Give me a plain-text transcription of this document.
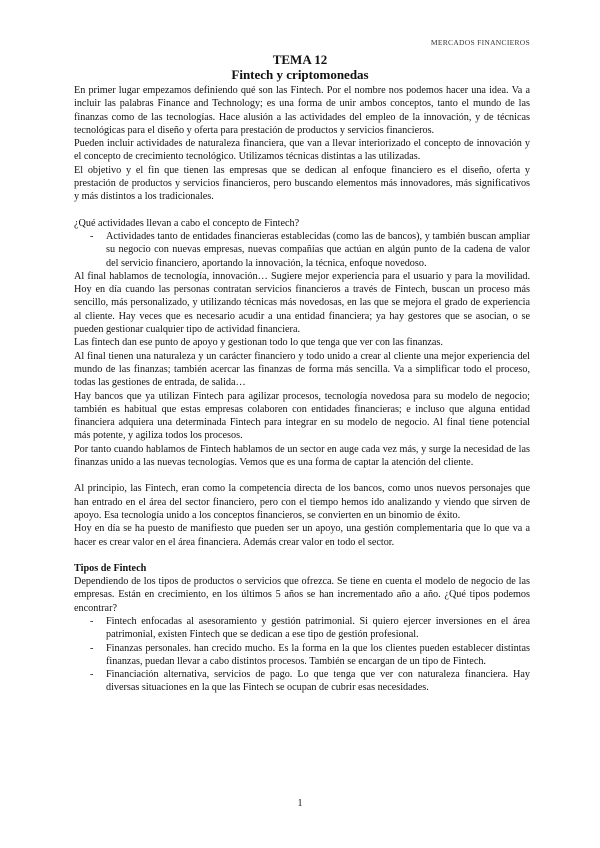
MERCADOS FINANCIEROS
TEMA 12
Fintech y criptomonedas

En primer lugar empezamos definiendo qué son las Fintech. Por el nombre nos podemos hacer una idea. Va a incluir las palabras Finance and Technology; es una forma de unir ambos conceptos, tanto el mundo de las finanzas como de las tecnologías. Hace alusión a las actividades del empleo de la innovación, y de técnicas tecnológicas para el diseño y oferta para prestación de productos y servicios financieros.

Pueden incluir actividades de naturaleza financiera, que van a llevar interiorizado el concepto de innovación y el concepto de crecimiento tecnológico. Utilizamos técnicas distintas a las utilizadas.

El objetivo y el fin que tienen las empresas que se dedican al enfoque financiero es el diseño, oferta y prestación de productos y servicios financieros, pero buscando elementos más innovadores, más significativos y más distintos a los tradicionales.

¿Qué actividades llevan a cabo el concepto de Fintech?

- Actividades tanto de entidades financieras establecidas (como las de bancos), y también buscan ampliar su negocio con nuevas empresas, nuevas compañías que actúan en algún punto de la cadena de valor del servicio financiero, aportando la innovación, la técnica, enfoque novedoso.

Al final hablamos de tecnología, innovación… Sugiere mejor experiencia para el usuario y para la movilidad. Hoy en día cuando las personas contratan servicios financieros a través de Fintech, buscan un proceso más sencillo, más personalizado, y utilizando técnicas más novedosas, en las que se mejora el grado de experiencia al cliente. Hay veces que es necesario acudir a una entidad financiera; ya hay gestores que se asocian, o se pueden gestionar cualquier tipo de actividad financiera.

Las fintech dan ese punto de apoyo y gestionan todo lo que tenga que ver con las finanzas.

Al final tienen una naturaleza y un carácter financiero y todo unido a crear al cliente una mejor experiencia del mundo de las finanzas; también acercar las finanzas de forma más sencilla. Va a simplificar todo el proceso, todas las gestiones de entrada, de salida…

Hay bancos que ya utilizan Fintech para agilizar procesos, tecnología novedosa para su modelo de negocio; también es habitual que estas empresas colaboren con entidades financieras; e incluso que alguna entidad financiera adquiera una determinada Fintech para integrar en su modelo de negocio. Al final tiene potencial más potente, y agiliza todos los procesos.

Por tanto cuando hablamos de Fintech hablamos de un sector en auge cada vez más, y surge la necesidad de las finanzas unido a las nuevas tecnologías. Vemos que es una forma de captar la atención del cliente.

Al principio, las Fintech, eran como la competencia directa de los bancos, como unos nuevos personajes que han entrado en el área del sector financiero, pero con el tiempo hemos ido analizando y viendo que sirven de apoyo. Esa tecnología unido a los conceptos financieros, se convierten en un binomio de éxito.

Hoy en día se ha puesto de manifiesto que pueden ser un apoyo, una gestión complementaria que lo que va a hacer es crear valor en el área financiera. Además crear valor en todo el sector.

Tipos de Fintech

Dependiendo de los tipos de productos o servicios que ofrezca. Se tiene en cuenta el modelo de negocio de las empresas. Están en crecimiento, en los últimos 5 años se han incrementado año a año. ¿Qué tipos podemos encontrar?

- Fintech enfocadas al asesoramiento y gestión patrimonial. Si quiero ejercer inversiones en el área patrimonial, existen Fintech que se dedican a ese tipo de gestión profesional.
- Finanzas personales. han crecido mucho. Es la forma en la que los clientes pueden establecer distintas finanzas, puedan llevar a cabo distintos procesos. También se encargan de un tipo de Fintech.
- Financiación alternativa, servicios de pago. Lo que tenga que ver con naturaleza financiera. Hay diversas situaciones en la que las Fintech se ocupan de cubrir esas necesidades.
1
